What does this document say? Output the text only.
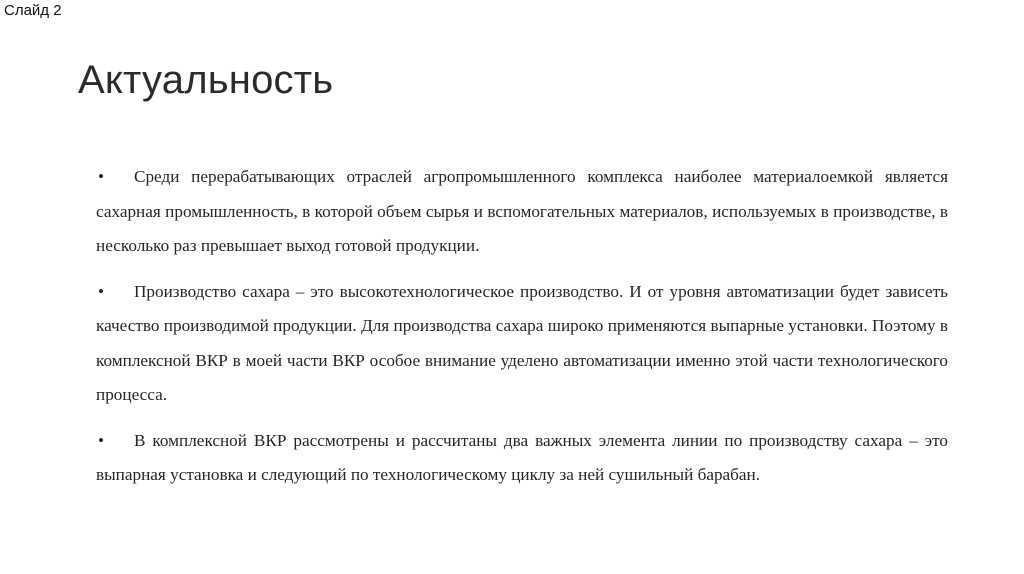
Слайд 2
Актуальность

• Среди перерабатывающих отраслей агропромышленного комплекса наиболее материалоемкой является сахарная промышленность, в которой объем сырья и вспомогательных материалов, используемых в производстве, в несколько раз превышает выход готовой продукции.

• Производство сахара – это высокотехнологическое производство. И от уровня автоматизации будет зависеть качество производимой продукции. Для производства сахара широко применяются выпарные установки. Поэтому в комплексной ВКР в моей части ВКР особое внимание уделено автоматизации именно этой части технологического процесса.

• В комплексной ВКР рассмотрены и рассчитаны два важных элемента линии по производству сахара – это выпарная установка и следующий по технологическому циклу за ней сушильный барабан.
